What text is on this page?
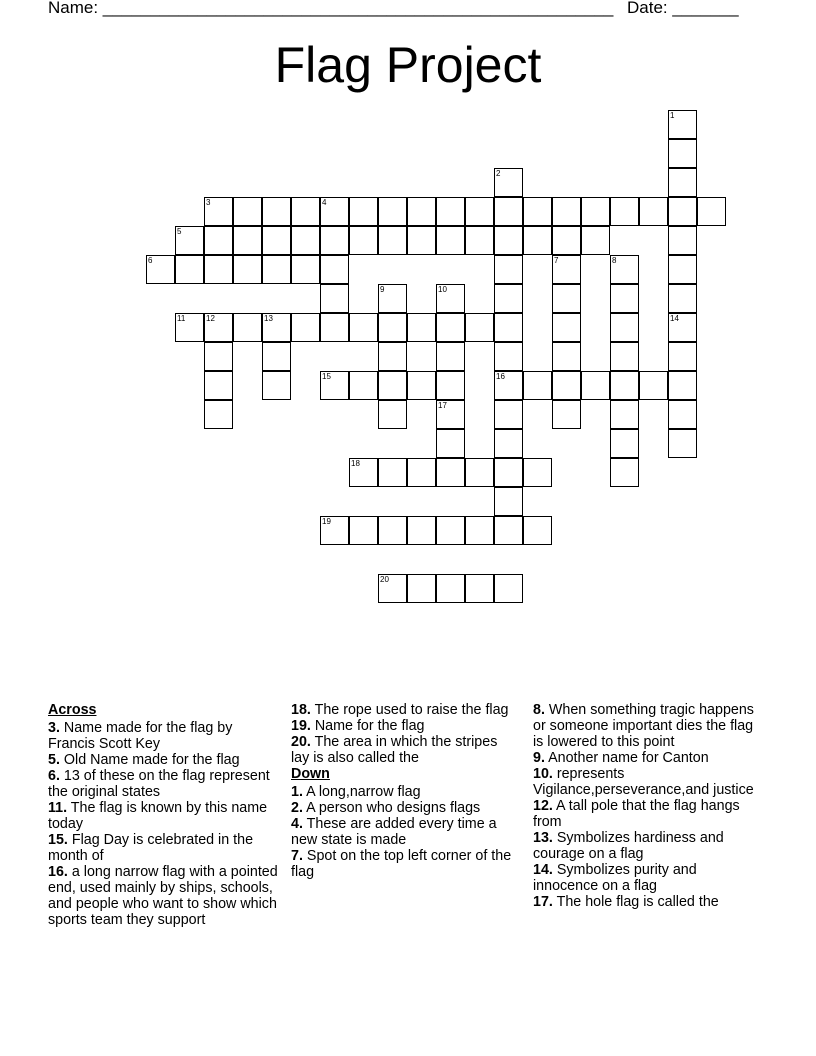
Name: ______________________________________________________ Date: _______
Flag Project
3	4
5
6
11	12	13
15	16
18
19
20
1
14
2
7	8
9	10
17
Across
3. Name made for the flag by Francis Scott Key
5. Old Name made for the flag
6. 13 of these on the flag represent the original states
11. The flag is known by this name today
15. Flag Day is celebrated in the month of
16. a long narrow flag with a pointed end, used mainly by ships, schools, and people who want to show which sports team they support
18. The rope used to raise the flag
19. Name for the flag
20. The area in which the stripes lay is also called the
Down
1. A long,narrow flag
2. A person who designs flags
4. These are added every time a new state is made
7. Spot on the top left corner of the flag
8. When something tragic happens or someone important dies the flag is lowered to this point
9. Another name for Canton
10. represents Vigilance,perseverance,and justice
12. A tall pole that the flag hangs from
13. Symbolizes hardiness and courage on a flag
14. Symbolizes purity and innocence on a flag
17. The hole flag is called the
